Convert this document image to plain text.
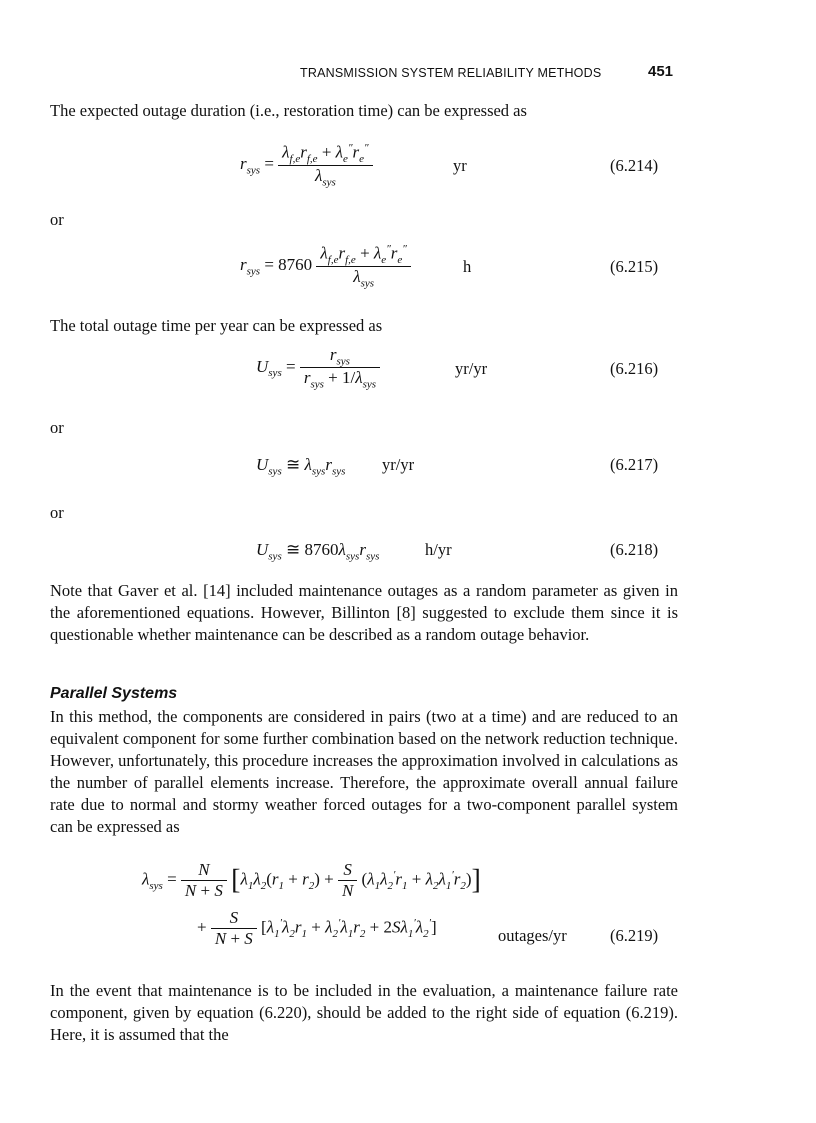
TRANSMISSION SYSTEM RELIABILITY METHODS	451
The expected outage duration (i.e., restoration time) can be expressed as
$r_{sys} = \frac{\lambda_{f,e}r_{f,e} + \lambda_e''r_e''}{\lambda_{sys}}$	yr	(6.214)
or
$r_{sys} = 8760 \frac{\lambda_{f,e}r_{f,e} + \lambda_e''r_e''}{\lambda_{sys}}$	h	(6.215)
The total outage time per year can be expressed as
$U_{sys} = \frac{r_{sys}}{r_{sys} + 1/\lambda_{sys}}$	yr/yr	(6.216)
or
$U_{sys}$ ≅ $\lambda_{sys}r_{sys}$ yr/yr	(6.217)
or
$U_{sys}$ ≅ $8760\lambda_{sys}r_{sys}$	h/yr	(6.218)
Note that Gaver et al. [14] included maintenance outages as a random parameter as given in the aforementioned equations. However, Billinton [8] suggested to exclude them since it is questionable whether maintenance can be described as a random outage behavior.
Parallel Systems
In this method, the components are considered in pairs (two at a time) and are reduced to an equivalent component for some further combination based on the network reduction technique. However, unfortunately, this procedure increases the approximation involved in calculations as the number of parallel elements increase. Therefore, the approximate overall annual failure rate due to normal and stormy weather forced outages for a two-component parallel system can be expressed as
$\lambda_{sys} = \frac{N}{N + S} [\lambda_1\lambda_2(r_1 + r_2) + \frac{S}{N} (\lambda_1\lambda_2'r_1 + \lambda_2\lambda_1'r_2)]$
+ $\frac{S}{N + S} [\lambda_1'\lambda_2r_1 + \lambda_2'\lambda_1r_2 + 2S\lambda_1'\lambda_2']$	outages/yr	(6.219)
In the event that maintenance is to be included in the evaluation, a maintenance failure rate component, given by equation (6.220), should be added to the right side of equation (6.219). Here, it is assumed that the
